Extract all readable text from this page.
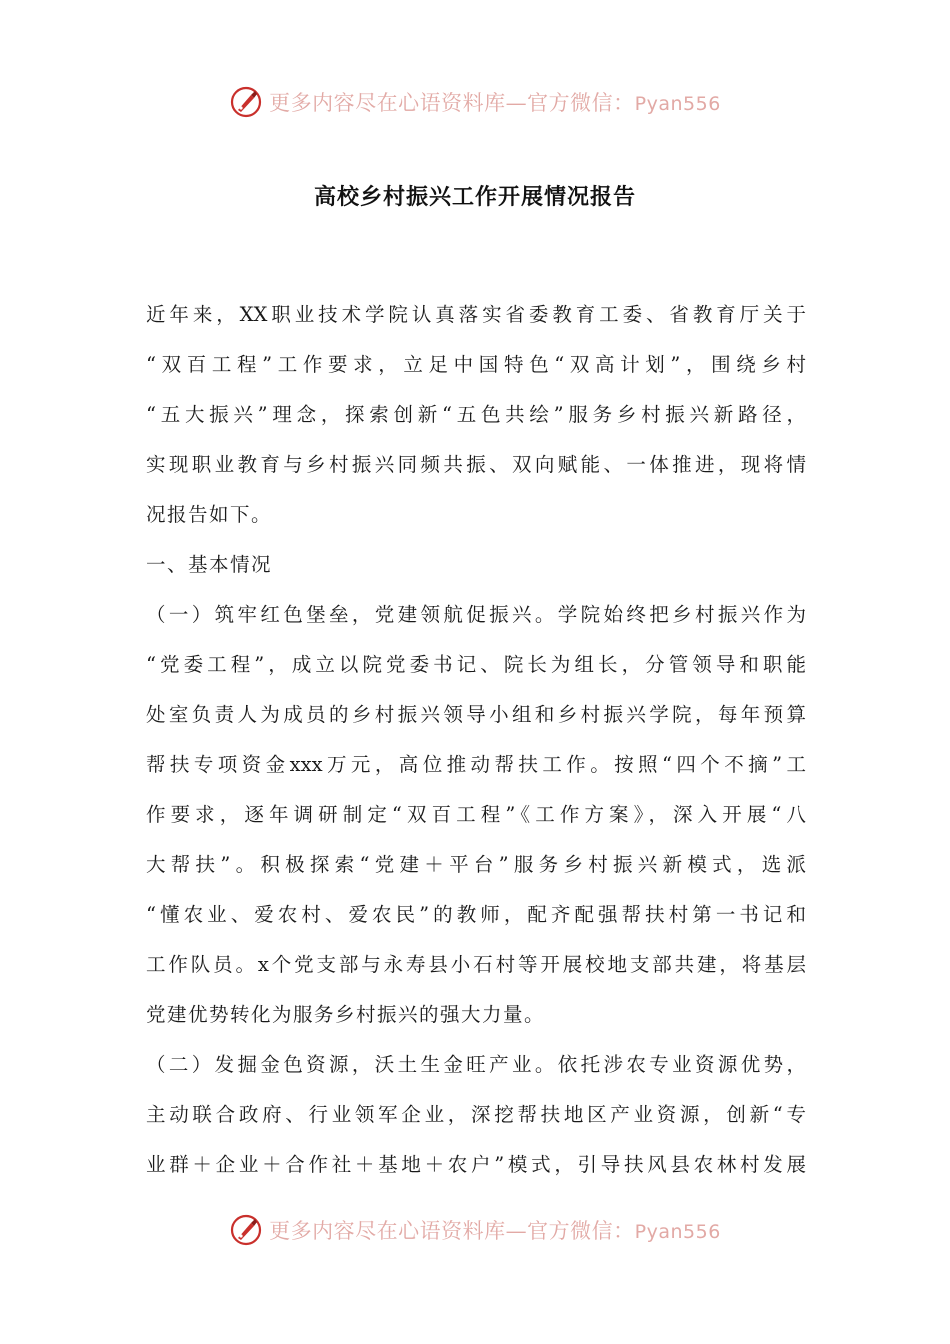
更多内容尽在心语资料库—官方微信：Pyan556
高校乡村振兴工作开展情况报告
近年来，XX职业技术学院认真落实省委教育工委、省教育厅关于
“双百工程”工作要求，立足中国特色“双高计划”，围绕乡村
“五大振兴”理念，探索创新“五色共绘”服务乡村振兴新路径，
实现职业教育与乡村振兴同频共振、双向赋能、一体推进，现将情
况报告如下。
一、基本情况
（一）筑牢红色堡垒，党建领航促振兴。学院始终把乡村振兴作为
“党委工程”，成立以院党委书记、院长为组长，分管领导和职能
处室负责人为成员的乡村振兴领导小组和乡村振兴学院，每年预算
帮扶专项资金xxx万元，高位推动帮扶工作。按照“四个不摘”工
作要求，逐年调研制定“双百工程”《工作方案》，深入开展“八
大帮扶”。积极探索“党建＋平台”服务乡村振兴新模式，选派
“懂农业、爱农村、爱农民”的教师，配齐配强帮扶村第一书记和
工作队员。x个党支部与永寿县小石村等开展校地支部共建，将基层
党建优势转化为服务乡村振兴的强大力量。
（二）发掘金色资源，沃土生金旺产业。依托涉农专业资源优势，
主动联合政府、行业领军企业，深挖帮扶地区产业资源，创新“专
业群＋企业＋合作社＋基地＋农户”模式，引导扶风县农林村发展
更多内容尽在心语资料库—官方微信：Pyan556
